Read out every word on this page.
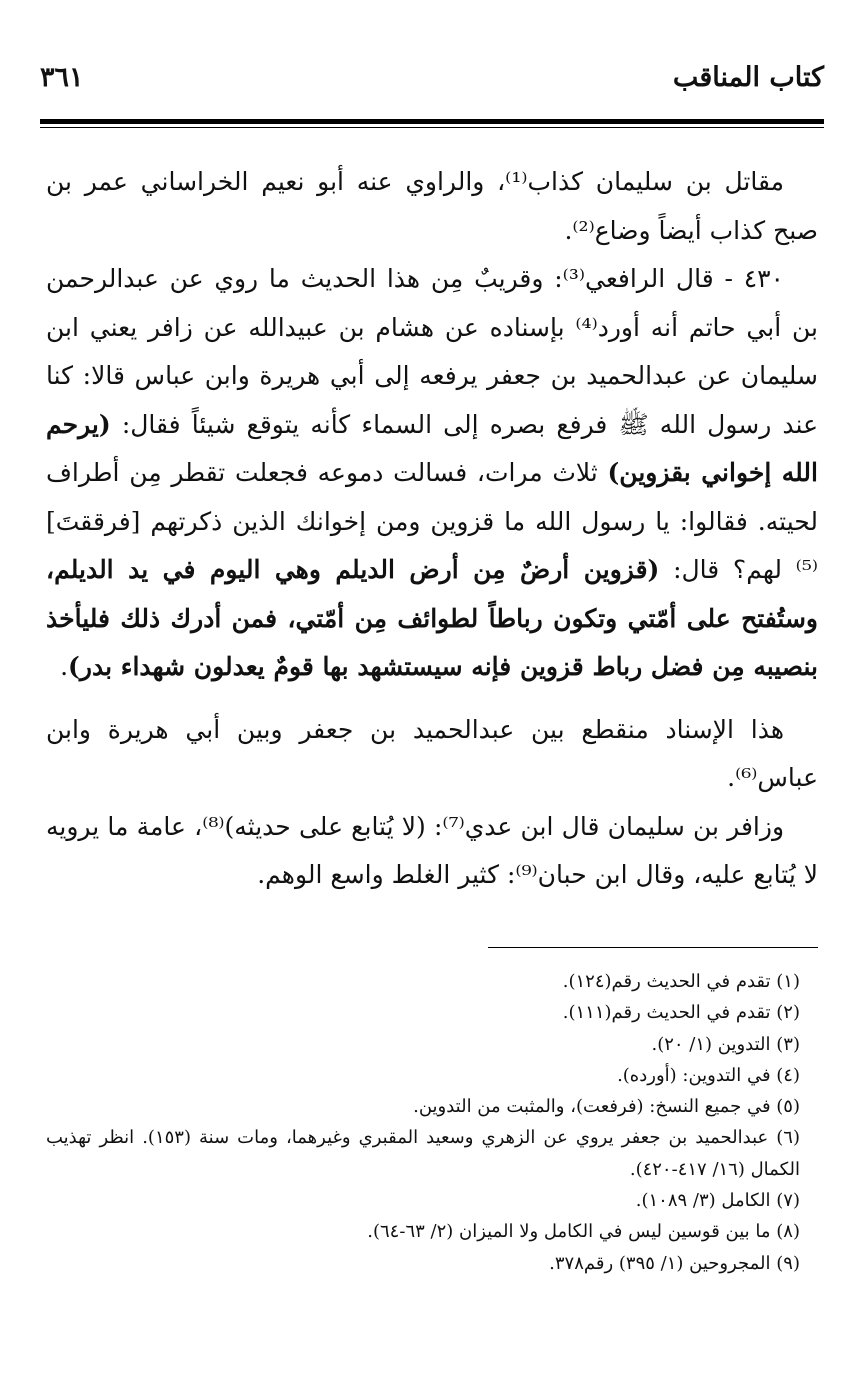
كتاب المناقب
٣٦١

مقاتل بن سليمان كذاب⁽¹⁾، والراوي عنه أبو نعيم الخراساني عمر بن صبح كذاب أيضاً وضاع⁽²⁾.

٤٣٠ - قال الرافعي⁽³⁾: وقريبٌ مِن هذا الحديث ما روي عن عبدالرحمن بن أبي حاتم أنه أورد⁽⁴⁾ بإسناده عن هشام بن عبيدالله عن زافر يعني ابن سليمان عن عبدالحميد بن جعفر يرفعه إلى أبي هريرة وابن عباس قالا: كنا عند رسول الله ﷺ فرفع بصره إلى السماء كأنه يتوقع شيئاً فقال: (يرحم الله إخواني بقزوين) ثلاث مرات، فسالت دموعه فجعلت تقطر مِن أطراف لحيته. فقالوا: يا رسول الله ما قزوين ومن إخوانك الذين ذكرتهم [فرققتَ]⁽⁵⁾ لهم؟ قال: (قزوين أرضٌ مِن أرض الديلم وهي اليوم في يد الديلم، وستُفتح على أمّتي وتكون رباطاً لطوائف مِن أمّتي، فمن أدرك ذلك فليأخذ بنصيبه مِن فضل رباط قزوين فإنه سيستشهد بها قومٌ يعدلون شهداء بدر).

هذا الإسناد منقطع بين عبدالحميد بن جعفر وبين أبي هريرة وابن عباس⁽⁶⁾.

وزافر بن سليمان قال ابن عدي⁽⁷⁾: (لا يُتابع على حديثه)⁽⁸⁾، عامة ما يرويه لا يُتابع عليه، وقال ابن حبان⁽⁹⁾: كثير الغلط واسع الوهم.

(١) تقدم في الحديث رقم(١٢٤).
(٢) تقدم في الحديث رقم(١١١).
(٣) التدوين (١/ ٢٠).
(٤) في التدوين: (أورده).
(٥) في جميع النسخ: (فرفعت)، والمثبت من التدوين.
(٦) عبدالحميد بن جعفر يروي عن الزهري وسعيد المقبري وغيرهما، ومات سنة (١٥٣). انظر تهذيب الكمال (١٦/ ٤١٧-٤٢٠).
(٧) الكامل (٣/ ١٠٨٩).
(٨) ما بين قوسين ليس في الكامل ولا الميزان (٢/ ٦٣-٦٤).
(٩) المجروحين (١/ ٣٩٥) رقم٣٧٨.
